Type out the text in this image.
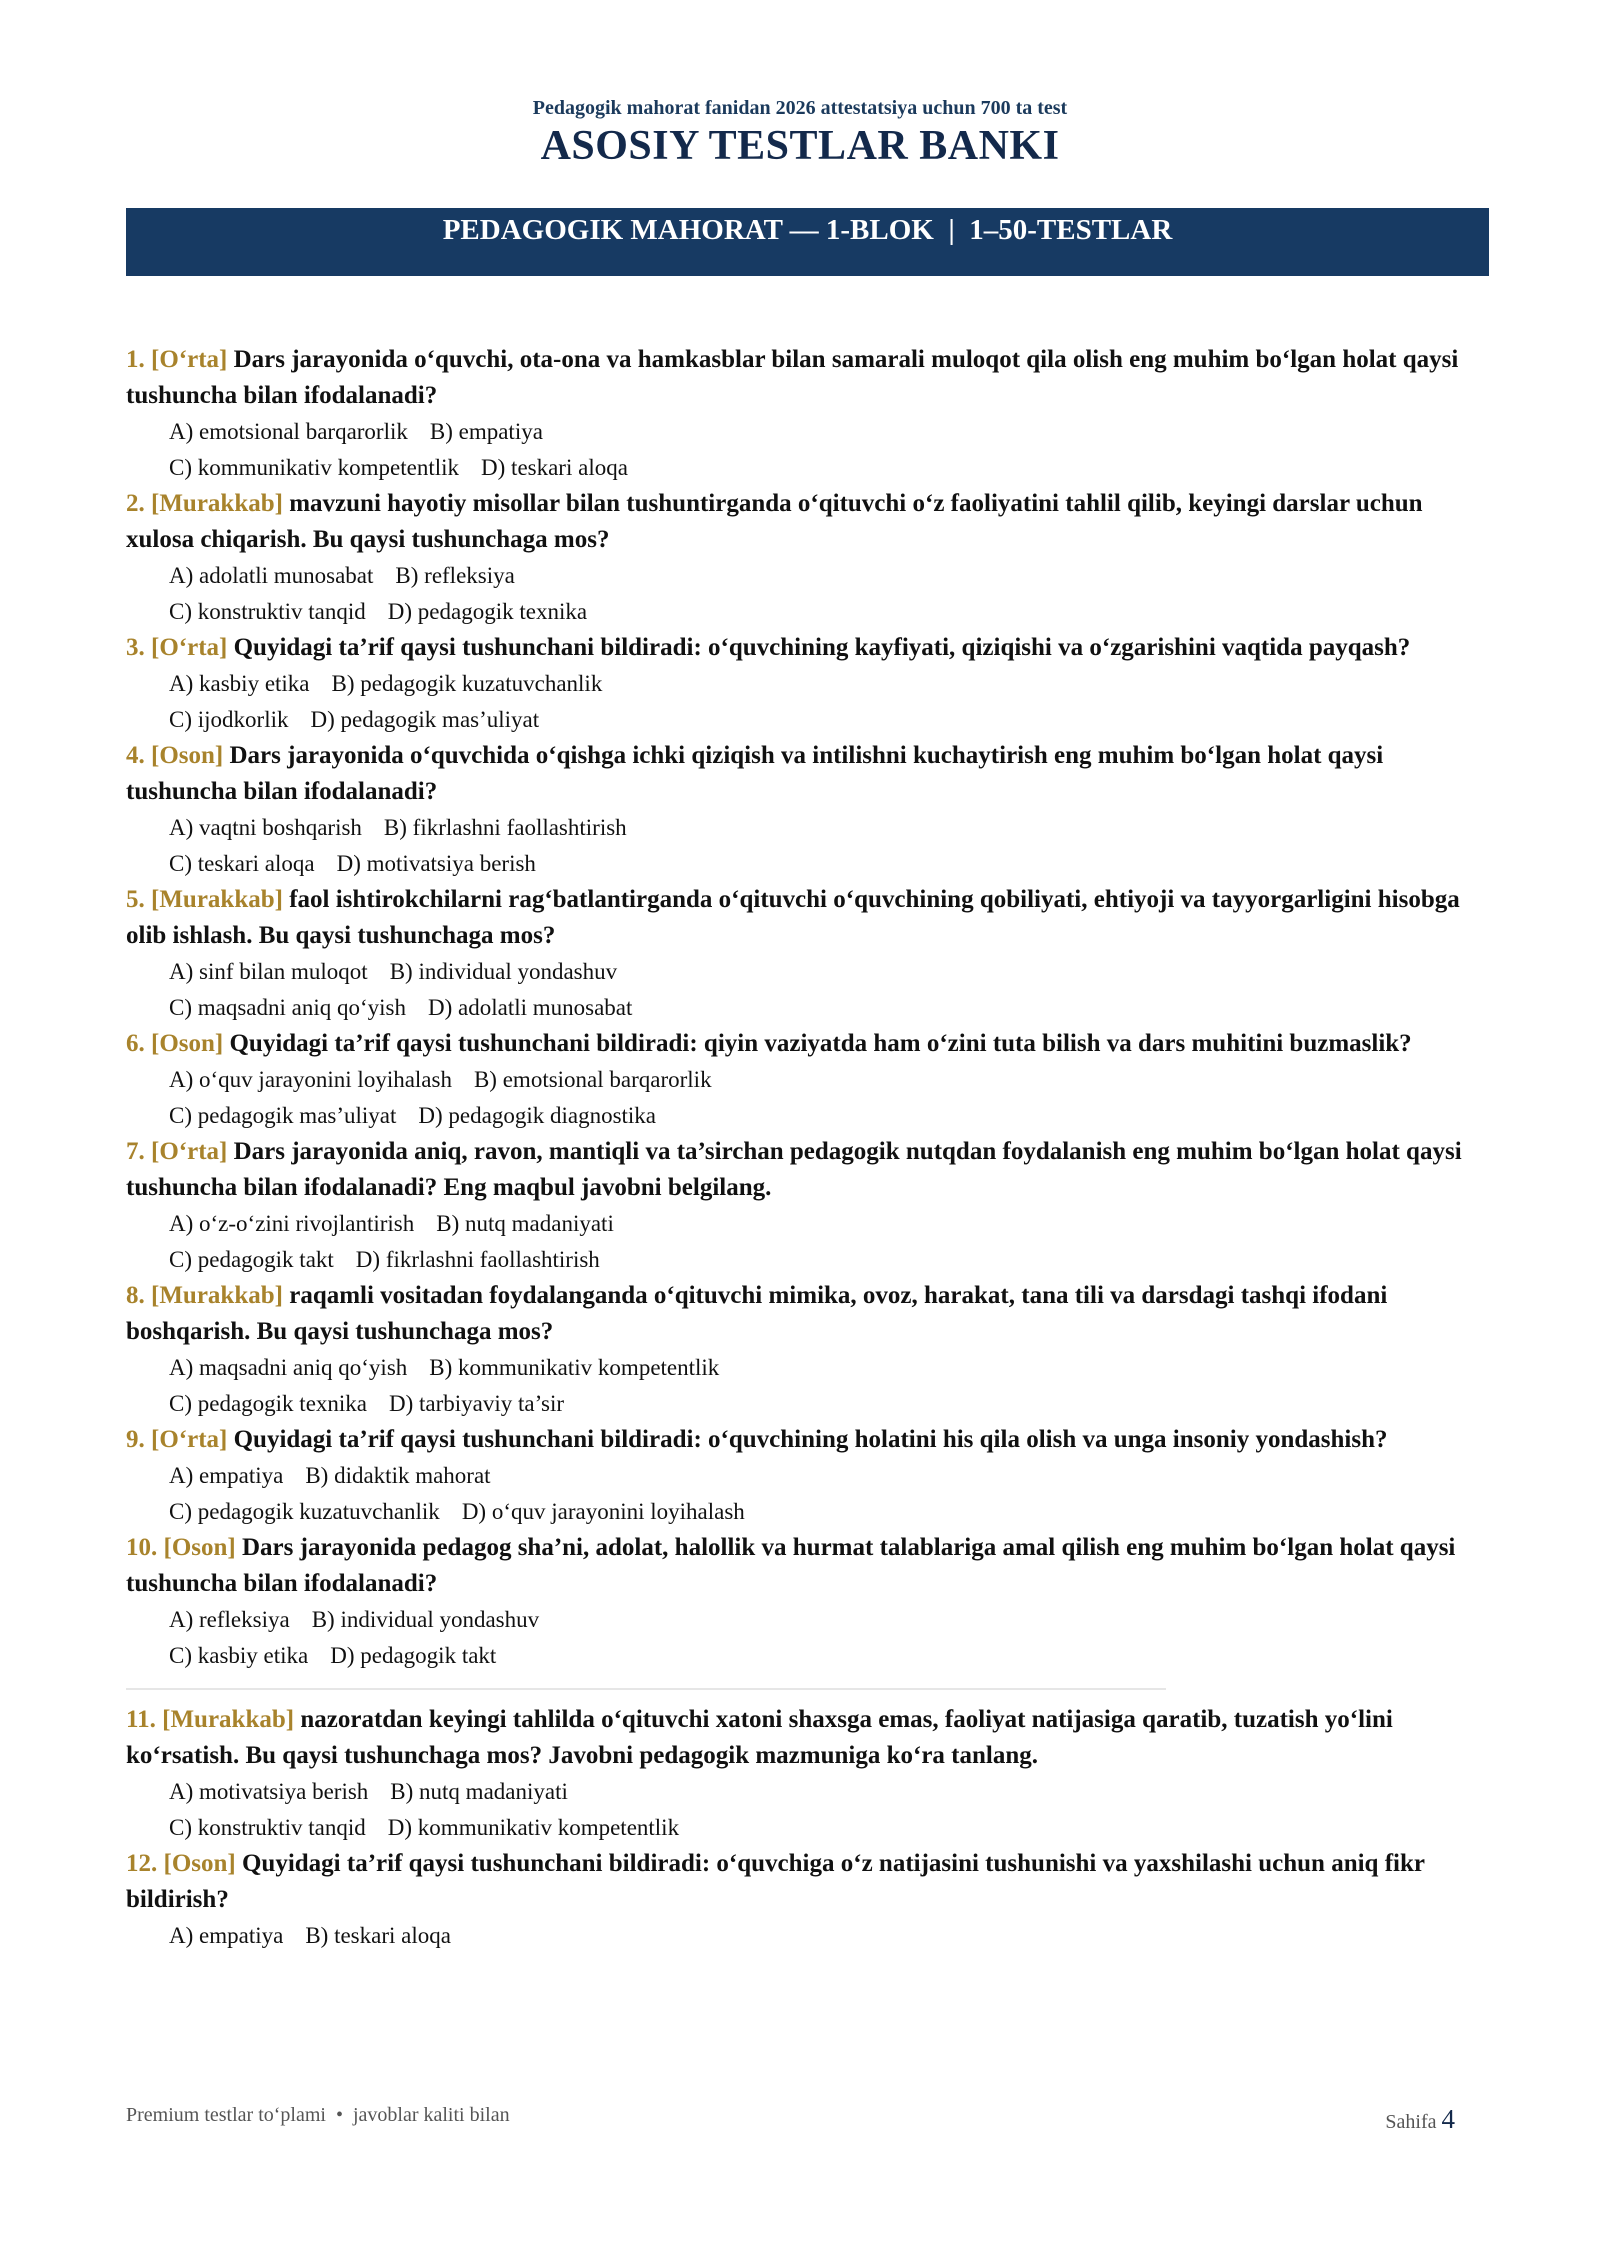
Pedagogik mahorat fanidan 2026 attestatsiya uchun 700 ta test
ASOSIY TESTLAR BANKI
PEDAGOGIK MAHORAT — 1-BLOK  |  1–50-TESTLAR

1. [O‘rta] Dars jarayonida o‘quvchi, ota-ona va hamkasblar bilan samarali muloqot qila olish eng muhim bo‘lgan holat qaysi tushuncha bilan ifodalanadi?

A) emotsional barqarorlik B) empatiya
C) kommunikativ kompetentlik D) teskari aloqa

2. [Murakkab] mavzuni hayotiy misollar bilan tushuntirganda o‘qituvchi o‘z faoliyatini tahlil qilib, keyingi darslar uchun xulosa chiqarish. Bu qaysi tushunchaga mos?

A) adolatli munosabat B) refleksiya
C) konstruktiv tanqid D) pedagogik texnika

3. [O‘rta] Quyidagi ta’rif qaysi tushunchani bildiradi: o‘quvchining kayfiyati, qiziqishi va o‘zgarishini vaqtida payqash?

A) kasbiy etika B) pedagogik kuzatuvchanlik
C) ijodkorlik D) pedagogik mas’uliyat

4. [Oson] Dars jarayonida o‘quvchida o‘qishga ichki qiziqish va intilishni kuchaytirish eng muhim bo‘lgan holat qaysi tushuncha bilan ifodalanadi?

A) vaqtni boshqarish B) fikrlashni faollashtirish
C) teskari aloqa D) motivatsiya berish

5. [Murakkab] faol ishtirokchilarni rag‘batlantirganda o‘qituvchi o‘quvchining qobiliyati, ehtiyoji va tayyorgarligini hisobga olib ishlash. Bu qaysi tushunchaga mos?

A) sinf bilan muloqot B) individual yondashuv
C) maqsadni aniq qo‘yish D) adolatli munosabat

6. [Oson] Quyidagi ta’rif qaysi tushunchani bildiradi: qiyin vaziyatda ham o‘zini tuta bilish va dars muhitini buzmaslik?

A) o‘quv jarayonini loyihalash B) emotsional barqarorlik
C) pedagogik mas’uliyat D) pedagogik diagnostika

7. [O‘rta] Dars jarayonida aniq, ravon, mantiqli va ta’sirchan pedagogik nutqdan foydalanish eng muhim bo‘lgan holat qaysi tushuncha bilan ifodalanadi? Eng maqbul javobni belgilang.

A) o‘z-o‘zini rivojlantirish B) nutq madaniyati
C) pedagogik takt D) fikrlashni faollashtirish

8. [Murakkab] raqamli vositadan foydalanganda o‘qituvchi mimika, ovoz, harakat, tana tili va darsdagi tashqi ifodani boshqarish. Bu qaysi tushunchaga mos?

A) maqsadni aniq qo‘yish B) kommunikativ kompetentlik
C) pedagogik texnika D) tarbiyaviy ta’sir

9. [O‘rta] Quyidagi ta’rif qaysi tushunchani bildiradi: o‘quvchining holatini his qila olish va unga insoniy yondashish?

A) empatiya B) didaktik mahorat
C) pedagogik kuzatuvchanlik D) o‘quv jarayonini loyihalash

10. [Oson] Dars jarayonida pedagog sha’ni, adolat, halollik va hurmat talablariga amal qilish eng muhim bo‘lgan holat qaysi tushuncha bilan ifodalanadi?

A) refleksiya B) individual yondashuv
C) kasbiy etika D) pedagogik takt

11. [Murakkab] nazoratdan keyingi tahlilda o‘qituvchi xatoni shaxsga emas, faoliyat natijasiga qaratib, tuzatish yo‘lini ko‘rsatish. Bu qaysi tushunchaga mos? Javobni pedagogik mazmuniga ko‘ra tanlang.

A) motivatsiya berish B) nutq madaniyati
C) konstruktiv tanqid D) kommunikativ kompetentlik

12. [Oson] Quyidagi ta’rif qaysi tushunchani bildiradi: o‘quvchiga o‘z natijasini tushunishi va yaxshilashi uchun aniq fikr bildirish?

A) empatiya B) teskari aloqa
Premium testlar to‘plami  •  javoblar kaliti bilan	Sahifa 4
